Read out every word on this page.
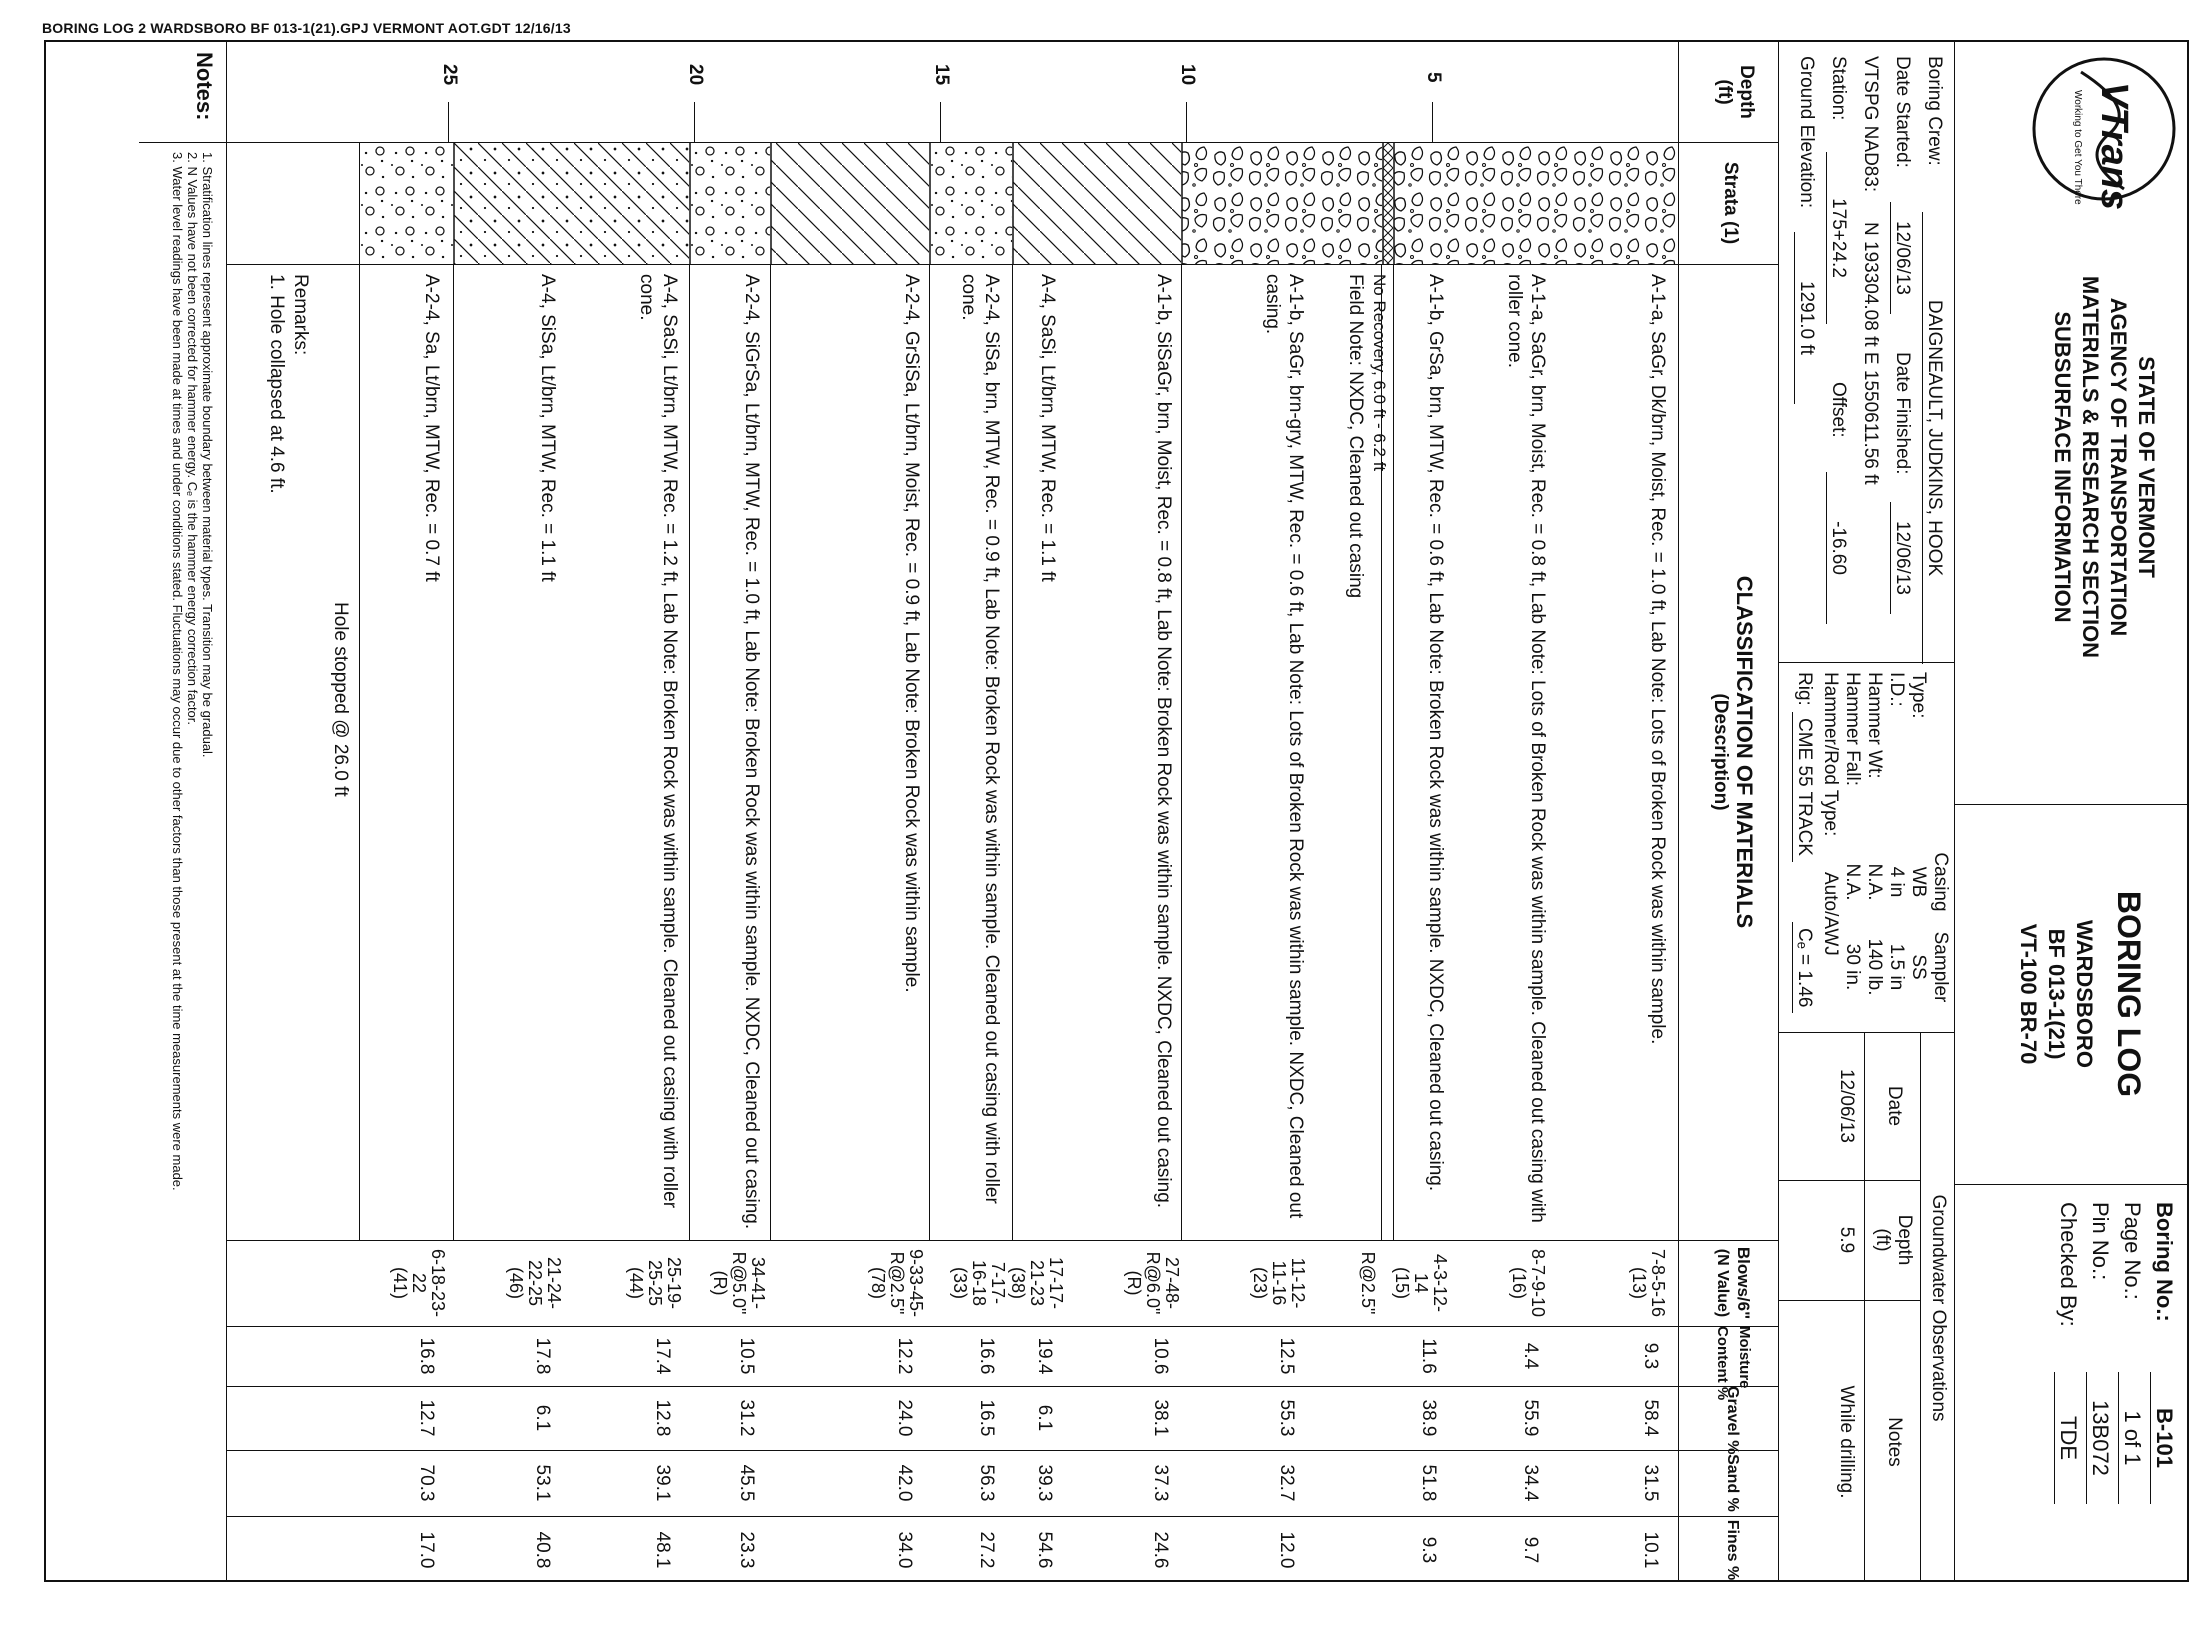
BORING LOG 2 WARDSBORO BF 013-1(21).GPJ VERMONT AOT.GDT 12/16/13
VTrans
Working to Get You There
STATE OF VERMONT
AGENCY OF TRANSPORTATION
MATERIALS & RESEARCH SECTION
SUBSURFACE INFORMATION
BORING LOG
WARDSBORO
BF 013-1(21)
VT-100 BR-70
Boring No.:
B-101
Page No.:
1 of 1
Pin No.:
13B072
Checked By:
TDE
Boring Crew:
DAIGNEAULT, JUDKINS, HOOK
Date Started:
12/06/13
Date Finished:
12/06/13
VTSPG NAD83:
N 193304.08 ft E 1550611.56 ft
Station:
175+24.2
Offset:
-16.60
Ground Elevation:
1291.0 ft
Casing
Sampler
Type:
WB
SS
I.D.:
4 in
1.5 in
Hammer Wt:
N.A.
140 lb.
Hammer Fall:
N.A.
30 in.
Hammer/Rod Type:
Auto/AWJ
Rig:
CME 55 TRACK
Cₑ = 1.46
Groundwater Observations
Date
Depth
(ft)
Notes
12/06/13
5.9
While drilling.
Depth
(ft)
Strata (1)
CLASSIFICATION OF MATERIALS
(Description)
Blows/6"
(N Value)
Moisture
Content %
Gravel %
Sand %
Fines %
5
10
15
20
25
A-1-a, SaGr, Dk/brn, Moist, Rec. = 1.0 ft, Lab Note: Lots of Broken Rock was within sample.
7-8-5-16
(13)
9.3
58.4
31.5
10.1
A-1-a, SaGr, brn, Moist, Rec. = 0.8 ft, Lab Note: Lots of Broken Rock was within sample. Cleaned out casing with roller cone.
8-7-9-10
(16)
4.4
55.9
34.4
9.7
A-1-b, GrSa, brn, MTW, Rec. = 0.6 ft, Lab Note: Broken Rock was within sample. NXDC, Cleaned out casing.
4-3-12-
14
(15)
11.6
38.9
51.8
9.3
No Recovery, 6.0 ft - 6.2 ft
R@2.5"
Field Note: NXDC, Cleaned out casing
A-1-b, SaGr, brn-gry, MTW, Rec. = 0.6 ft, Lab Note: Lots of Broken Rock was within sample. NXDC, Cleaned out casing.
11-12-
11-16
(23)
12.5
55.3
32.7
12.0
A-1-b, SiSaGr, brn, Moist, Rec. = 0.8 ft, Lab Note: Broken Rock was within sample. NXDC, Cleaned out casing.
27-48-
R@6.0"
(R)
10.6
38.1
37.3
24.6
A-4, SaSi, Lt/brn, MTW, Rec. = 1.1 ft
17-17-
21-23
(38)
19.4
6.1
39.3
54.6
A-2-4, SiSa, brn, MTW, Rec. = 0.9 ft, Lab Note: Broken Rock was within sample. Cleaned out casing with roller cone.
7-17-
16-18
(33)
16.6
16.5
56.3
27.2
A-2-4, GrSiSa, Lt/brn, Moist, Rec. = 0.9 ft, Lab Note: Broken Rock was within sample.
9-33-45-
R@2.5"
(78)
12.2
24.0
42.0
34.0
A-2-4, SiGrSa, Lt/brn, MTW, Rec. = 1.0 ft, Lab Note: Broken Rock was within sample. NXDC, Cleaned out casing.
34-41-
R@5.0"
(R)
10.5
31.2
45.5
23.3
A-4, SaSi, Lt/brn, MTW, Rec. = 1.2 ft, Lab Note: Broken Rock was within sample. Cleaned out casing with roller cone.
25-19-
25-25
(44)
17.4
12.8
39.1
48.1
A-4, SiSa, Lt/brn, MTW, Rec. = 1.1 ft
21-24-
22-25
(46)
17.8
6.1
53.1
40.8
A-2-4, Sa, Lt/brn, MTW, Rec. = 0.7 ft
6-18-23-
22
(41)
16.8
12.7
70.3
17.0
Hole stopped @ 26.0 ft
Remarks:
1. Hole collapsed at 4.6 ft.
Notes:
1. Stratification lines represent approximate boundary between material types. Transition may be gradual.
2. N Values have not been corrected for hammer energy. Cₑ is the hammer energy correction factor.
3. Water level readings have been made at times and under conditions stated. Fluctuations may occur due to other factors than those present at the time measurements were made.
